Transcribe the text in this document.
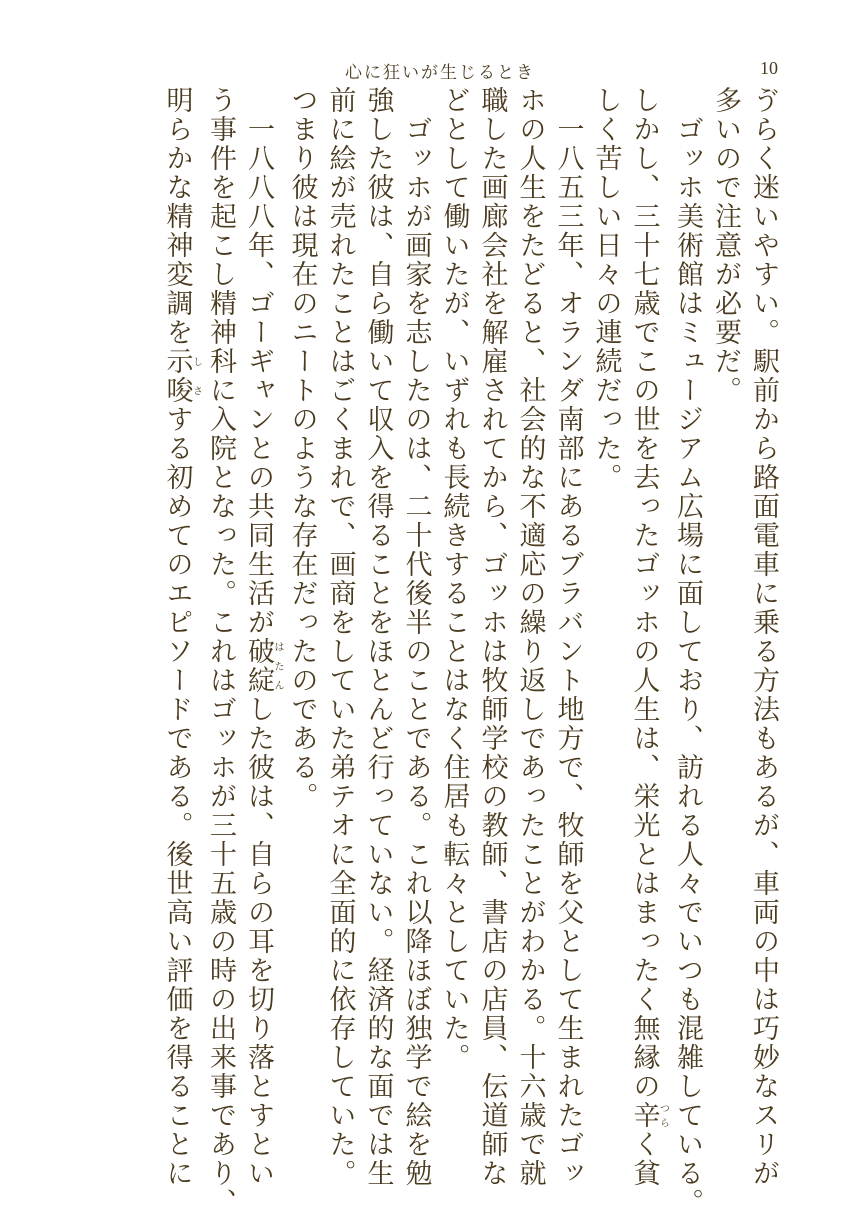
心に狂いが生じるとき	10
ゔらく迷いやすい。駅前から路面電車に乗る方法もあるが、車両の中は巧妙なスリが
多いので注意が必要だ。
　ゴッホ美術館はミュージアム広場に面しており、訪れる人々でいつも混雑している。
しかし、三十七歳でこの世を去ったゴッホの人生は、栄光とはまったく無縁の辛つらく貧
しく苦しい日々の連続だった。
　一八五三年、オランダ南部にあるブラバント地方で、牧師を父として生まれたゴッ
ホの人生をたどると、社会的な不適応の繰り返しであったことがわかる。十六歳で就
職した画廊会社を解雇されてから、ゴッホは牧師学校の教師、書店の店員、伝道師な
どとして働いたが、いずれも長続きすることはなく住居も転々としていた。
　ゴッホが画家を志したのは、二十代後半のことである。これ以降ほぼ独学で絵を勉
強した彼は、自ら働いて収入を得ることをほとんど行っていない。経済的な面では生
前に絵が売れたことはごくまれで、画商をしていた弟テオに全面的に依存していた。
つまり彼は現在のニートのような存在だったのである。
　一八八八年、ゴーギャンとの共同生活が破綻はたんした彼は、自らの耳を切り落とすとい
う事件を起こし精神科に入院となった。これはゴッホが三十五歳の時の出来事であり、
明らかな精神変調を示唆しさする初めてのエピソードである。後世高い評価を得ることに
